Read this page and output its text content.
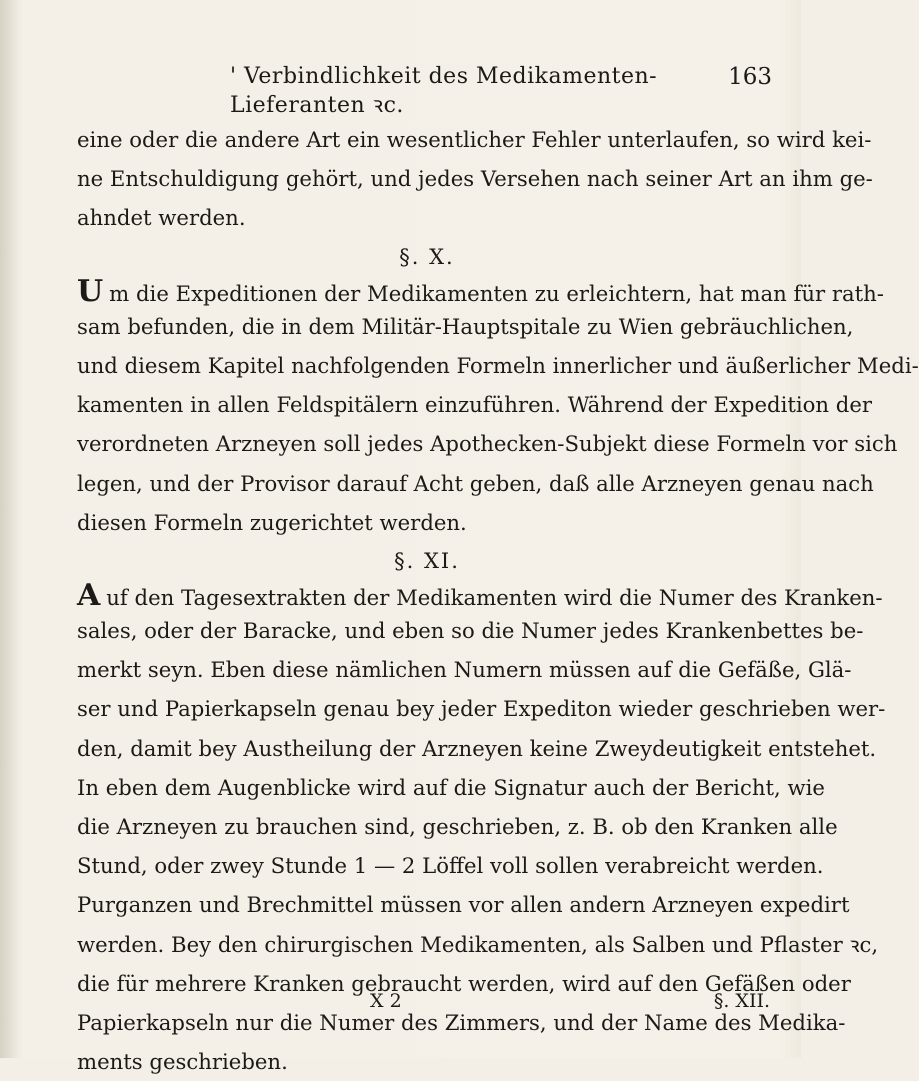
' Verbindlichkeit des Medikamenten-Lieferanten ꝛc.
163
eine oder die andere Art ein wesentlicher Fehler unterlaufen, so wird kei-
ne Entschuldigung gehört, und jedes Versehen nach seiner Art an ihm ge-
ahndet werden.
§. X.
U m die Expeditionen der Medikamenten zu erleichtern, hat man für rath-
sam befunden, die in dem Militär-Hauptspitale zu Wien gebräuchlichen,
und diesem Kapitel nachfolgenden Formeln innerlicher und äußerlicher Medi-
kamenten in allen Feldspitälern einzuführen. Während der Expedition der
verordneten Arzneyen soll jedes Apothecken-Subjekt diese Formeln vor sich
legen, und der Provisor darauf Acht geben, daß alle Arzneyen genau nach
diesen Formeln zugerichtet werden.
§. XI.
A uf den Tagesextrakten der Medikamenten wird die Numer des Kranken-
sales, oder der Baracke, und eben so die Numer jedes Krankenbettes be-
merkt seyn. Eben diese nämlichen Numern müssen auf die Gefäße, Glä-
ser und Papierkapseln genau bey jeder Expediton wieder geschrieben wer-
den, damit bey Austheilung der Arzneyen keine Zweydeutigkeit entstehet.
In eben dem Augenblicke wird auf die Signatur auch der Bericht, wie
die Arzneyen zu brauchen sind, geschrieben, z. B. ob den Kranken alle
Stund, oder zwey Stunde 1 — 2 Löffel voll sollen verabreicht werden.
Purganzen und Brechmittel müssen vor allen andern Arzneyen expedirt
werden. Bey den chirurgischen Medikamenten, als Salben und Pflaster ꝛc,
die für mehrere Kranken gebraucht werden, wird auf den Gefäßen oder
Papierkapseln nur die Numer des Zimmers, und der Name des Medika-
ments geschrieben.
X 2	§. XII.
